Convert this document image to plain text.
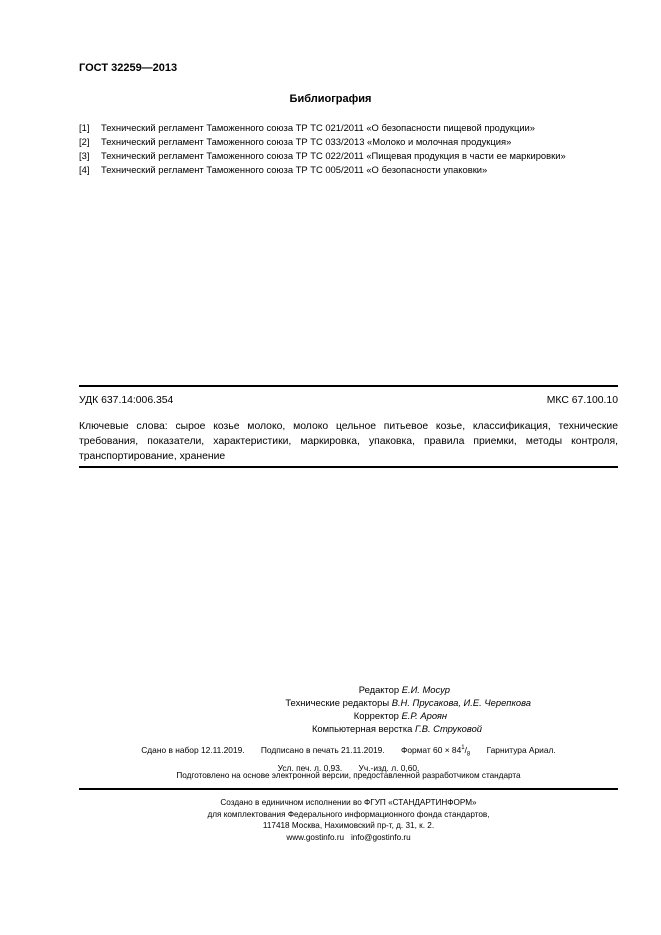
ГОСТ 32259—2013
Библиография
[1]	Технический регламент Таможенного союза ТР ТС 021/2011 «О безопасности пищевой продукции»
[2]	Технический регламент Таможенного союза ТР ТС 033/2013 «Молоко и молочная продукция»
[3]	Технический регламент Таможенного союза ТР ТС 022/2011 «Пищевая продукция в части ее маркировки»
[4]	Технический регламент Таможенного союза ТР ТС 005/2011 «О безопасности упаковки»
УДК 637.14:006.354	МКС 67.100.10
Ключевые слова: сырое козье молоко, молоко цельное питьевое козье, классификация, технические требования, показатели, характеристики, маркировка, упаковка, правила приемки, методы контроля, транспортирование, хранение
Редактор Е.И. Мосур
Технические редакторы В.Н. Прусакова, И.Е. Черепкова
Корректор Е.Р. Ароян
Компьютерная верстка Г.В. Струковой
Сдано в набор 12.11.2019. Подписано в печать 21.11.2019. Формат $60 \times 84^1/_8$ Гарнитура Ариал.
Усл. печ. л. 0,93. Уч.-изд. л. 0,60.
Подготовлено на основе электронной версии, предоставленной разработчиком стандарта
Создано в единичном исполнении во ФГУП «СТАНДАРТИНФОРМ»
для комплектования Федерального информационного фонда стандартов,
117418 Москва, Нахимовский пр-т, д. 31, к. 2.
www.gostinfo.ru info@gostinfo.ru
